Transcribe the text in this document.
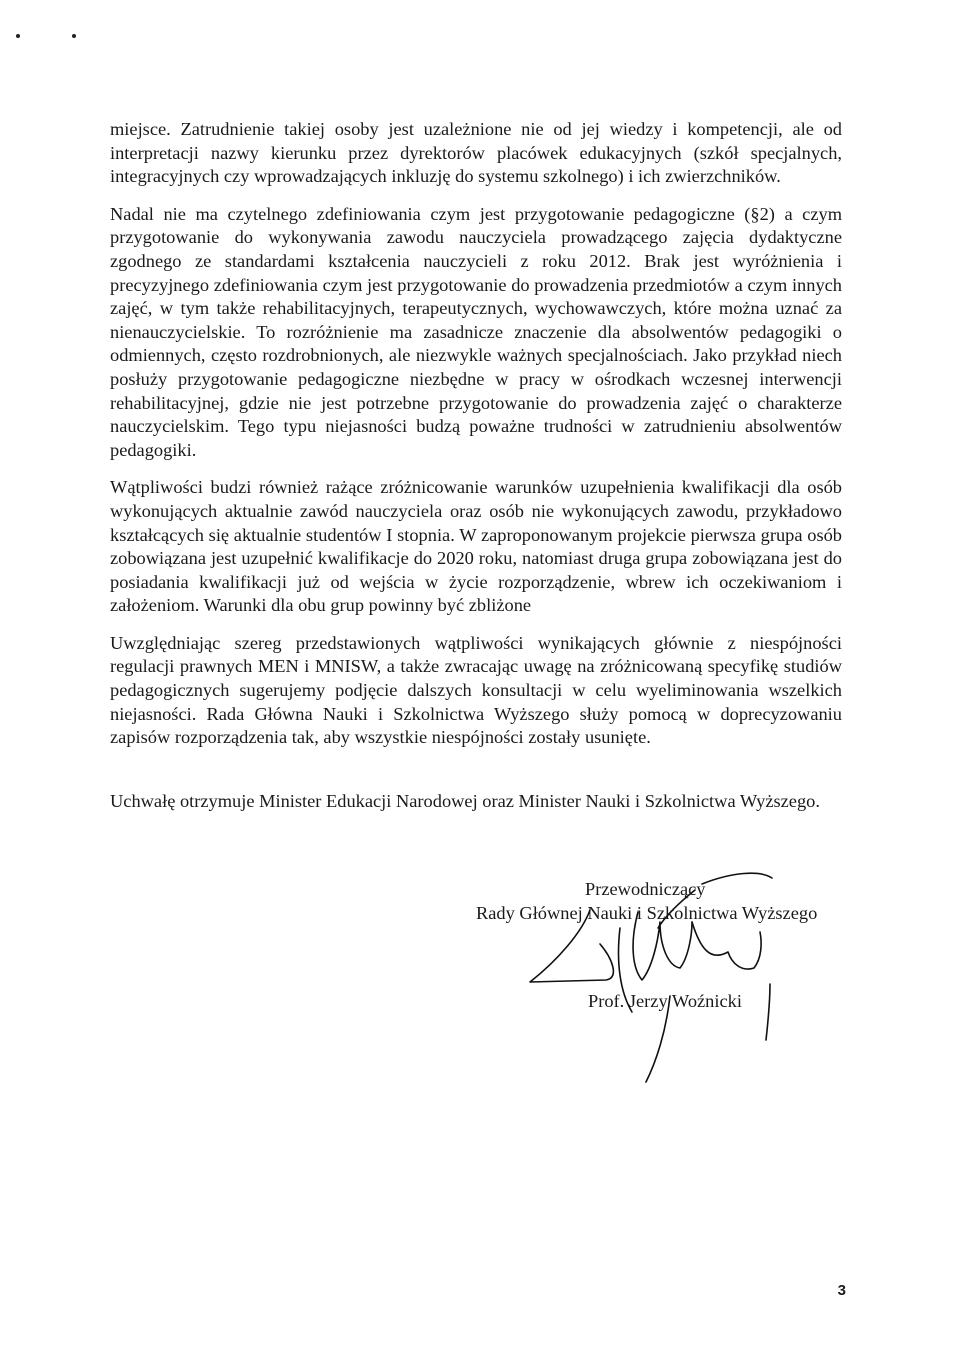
miejsce. Zatrudnienie takiej osoby jest uzależnione nie od jej wiedzy i kompetencji, ale od interpretacji nazwy kierunku przez dyrektorów placówek edukacyjnych (szkół specjalnych, integracyjnych czy wprowadzających inkluzję do systemu szkolnego) i ich zwierzchników.

Nadal nie ma czytelnego zdefiniowania czym jest przygotowanie pedagogiczne (§2) a czym przygotowanie do wykonywania zawodu nauczyciela prowadzącego zajęcia dydaktyczne zgodnego ze standardami kształcenia nauczycieli z roku 2012. Brak jest wyróżnienia i precyzyjnego zdefiniowania czym jest przygotowanie do prowadzenia przedmiotów a czym innych zajęć, w tym także rehabilitacyjnych, terapeutycznych, wychowawczych, które można uznać za nienauczycielskie. To rozróżnienie ma zasadnicze znaczenie dla absolwentów pedagogiki o odmiennych, często rozdrobnionych, ale niezwykle ważnych specjalnościach. Jako przykład niech posłuży przygotowanie pedagogiczne niezbędne w pracy w ośrodkach wczesnej interwencji rehabilitacyjnej, gdzie nie jest potrzebne przygotowanie do prowadzenia zajęć o charakterze nauczycielskim. Tego typu niejasności budzą poważne trudności w zatrudnieniu absolwentów pedagogiki.

Wątpliwości budzi również rażące zróżnicowanie warunków uzupełnienia kwalifikacji dla osób wykonujących aktualnie zawód nauczyciela oraz osób nie wykonujących zawodu, przykładowo kształcących się aktualnie studentów I stopnia. W zaproponowanym projekcie pierwsza grupa osób zobowiązana jest uzupełnić kwalifikacje do 2020 roku, natomiast druga grupa zobowiązana jest do posiadania kwalifikacji już od wejścia w życie rozporządzenie, wbrew ich oczekiwaniom i założeniom. Warunki dla obu grup powinny być zbliżone

Uwzględniając szereg przedstawionych wątpliwości wynikających głównie z niespójności regulacji prawnych MEN i MNISW, a także zwracając uwagę na zróżnicowaną specyfikę studiów pedagogicznych sugerujemy podjęcie dalszych konsultacji w celu wyeliminowania wszelkich niejasności. Rada Główna Nauki i Szkolnictwa Wyższego służy pomocą w doprecyzowaniu zapisów rozporządzenia tak, aby wszystkie niespójności zostały usunięte.

Uchwałę otrzymuje Minister Edukacji Narodowej oraz Minister Nauki i Szkolnictwa Wyższego.

Przewodniczący
Rady Głównej Nauki i Szkolnictwa Wyższego
Prof. Jerzy Woźnicki
3
